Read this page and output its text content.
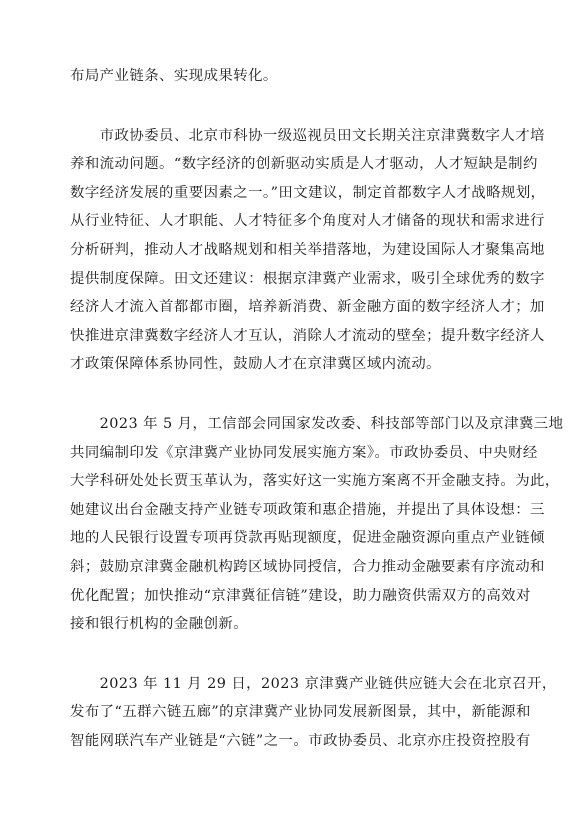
布局产业链条、实现成果转化。
　　市政协委员、北京市科协一级巡视员田文长期关注京津冀数字人才培
养和流动问题。“数字经济的创新驱动实质是人才驱动，人才短缺是制约
数字经济发展的重要因素之一。”田文建议，制定首都数字人才战略规划，
从行业特征、人才职能、人才特征多个角度对人才储备的现状和需求进行
分析研判，推动人才战略规划和相关举措落地，为建设国际人才聚集高地
提供制度保障。田文还建议：根据京津冀产业需求，吸引全球优秀的数字
经济人才流入首都都市圈，培养新消费、新金融方面的数字经济人才；加
快推进京津冀数字经济人才互认，消除人才流动的壁垒；提升数字经济人
才政策保障体系协同性，鼓励人才在京津冀区域内流动。
　　2023 年 5 月，工信部会同国家发改委、科技部等部门以及京津冀三地
共同编制印发《京津冀产业协同发展实施方案》。市政协委员、中央财经
大学科研处处长贾玉革认为，落实好这一实施方案离不开金融支持。为此，
她建议出台金融支持产业链专项政策和惠企措施，并提出了具体设想：三
地的人民银行设置专项再贷款再贴现额度，促进金融资源向重点产业链倾
斜；鼓励京津冀金融机构跨区域协同授信，合力推动金融要素有序流动和
优化配置；加快推动“京津冀征信链”建设，助力融资供需双方的高效对
接和银行机构的金融创新。
　　2023 年 11 月 29 日，2023 京津冀产业链供应链大会在北京召开，
发布了“五群六链五廊”的京津冀产业协同发展新图景，其中，新能源和
智能网联汽车产业链是“六链”之一。市政协委员、北京亦庄投资控股有
